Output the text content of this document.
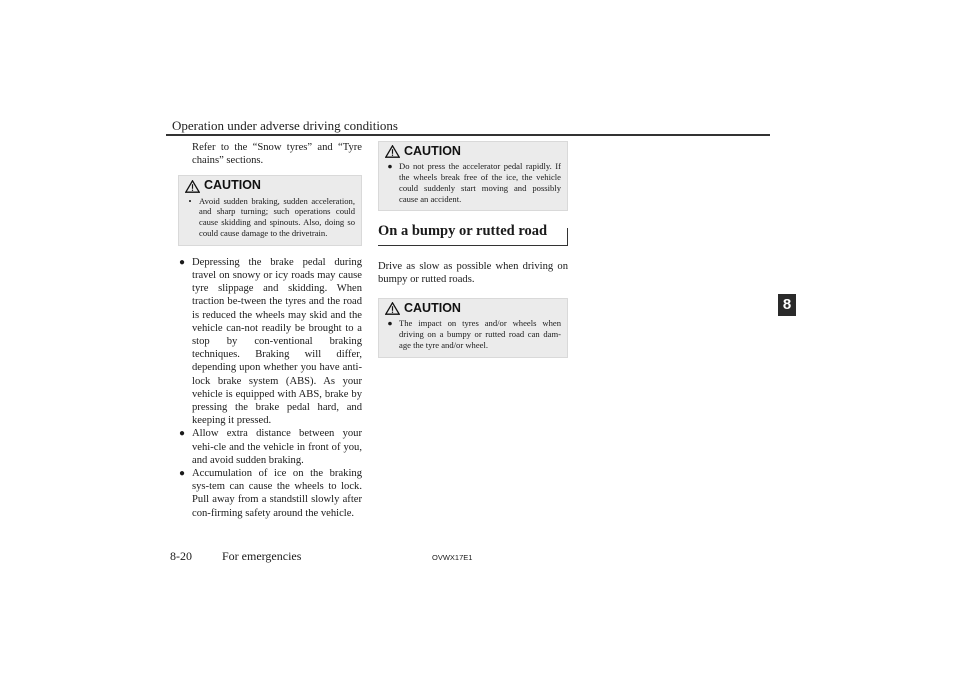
Operation under adverse driving conditions
8

Refer to the “Snow tyres” and “Tyre chains” sections.

CAUTION
• Avoid sudden braking, sudden acceleration, and sharp turning; such operations could cause skidding and spinouts. Also, doing so could cause damage to the drivetrain.
● Depressing the brake pedal during travel on snowy or icy roads may cause tyre slippage and skidding. When traction be-tween the tyres and the road is reduced the wheels may skid and the vehicle can-not readily be brought to a stop by con-ventional braking techniques. Braking will differ, depending upon whether you have anti-lock brake system (ABS). As your vehicle is equipped with ABS, brake by pressing the brake pedal hard, and keeping it pressed.
● Allow extra distance between your vehi-cle and the vehicle in front of you, and avoid sudden braking.
● Accumulation of ice on the braking sys-tem can cause the wheels to lock. Pull away from a standstill slowly after con-firming safety around the vehicle.
CAUTION
● Do not press the accelerator pedal rapidly. If the wheels break free of the ice, the vehicle could suddenly start moving and possibly cause an accident.
On a bumpy or rutted road

Drive as slow as possible when driving on bumpy or rutted roads.

CAUTION
● The impact on tyres and/or wheels when driving on a bumpy or rutted road can dam-age the tyre and/or wheel.
8-20	For emergencies	OVWX17E1
